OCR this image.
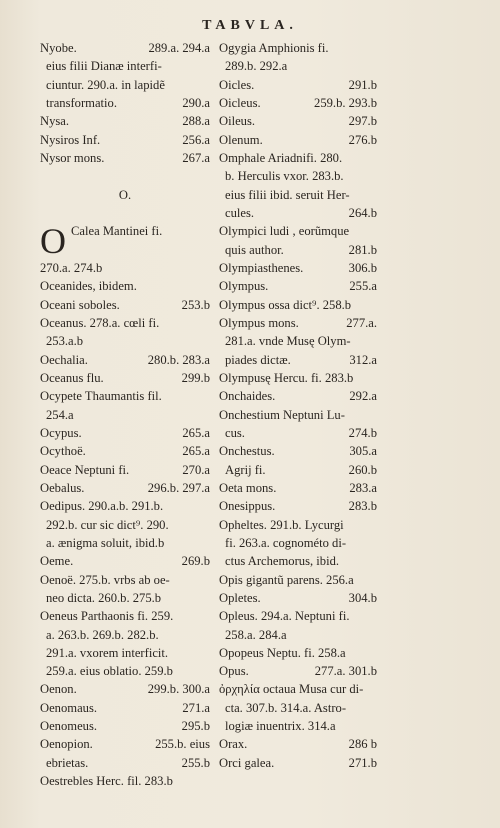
TABVLA.
Nyobe.	289.a. 294.a
eius filii Dianæ interfi-
ciuntur. 290.a. in lapidẽ
transformatio.	290.a
Nysa.	288.a
Nysiros Inf.	256.a
Nysor mons.	267.a
O.
O Calea Mantinei fi.
270.a. 274.b
Oceanides, ibidem.
Oceani soboles.	253.b
Oceanus. 278.a. cœli fi.
253.a.b
Oechalia.	280.b. 283.a
Oceanus flu.	299.b
Ocypete Thaumantis fil.
254.a
Ocypus.	265.a
Ocythoë.	265.a
Oeace Neptuni fi.	270.a
Oebalus.	296.b. 297.a
Oedipus. 290.a.b. 291.b.
292.b. cur sic dict⁹. 290.
a. ænigma soluit, ibid.b
Oeme.	269.b
Oenoë. 275.b. vrbs ab oe-
neo dicta. 260.b. 275.b
Oeneus Parthaonis fi. 259.
a. 263.b. 269.b. 282.b.
291.a. vxorem interficit.
259.a. eius oblatio. 259.b
Oenon.	299.b. 300.a
Oenomaus.	271.a
Oenomeus.	295.b
Oenopion.	255.b. eius
ebrietas.	255.b
Oestrebles Herc. fil. 283.b
Ogygia Amphionis fi.
289.b. 292.a
Oicles.	291.b
Oicleus.	259.b. 293.b
Oileus.	297.b
Olenum.	276.b
Omphale Ariadnifi. 280.
b. Herculis vxor. 283.b.
eius filii ibid. seruit Her-
cules.	264.b
Olympici ludi , eorũmque
quis author.	281.b
Olympiasthenes.	306.b
Olympus.	255.a
Olympus ossa dict⁹. 258.b
Olympus mons.	277.a.
281.a. vnde Musę Olym-
piades dictæ.	312.a
Olympusę Hercu. fi. 283.b
Onchaides.	292.a
Onchestium Neptuni Lu-
cus.	274.b
Onchestus.	305.a
Agrij fi.	260.b
Oeta mons.	283.a
Onesippus.	283.b
Opheltes. 291.b. Lycurgi
fi. 263.a. cognométo di-
ctus Archemorus, ibid.
Opis gigantũ parens. 256.a
Opletes.	304.b
Opleus. 294.a. Neptuni fi.
258.a. 284.a
Opopeus Neptu. fi. 258.a
Opus.	277.a. 301.b
ὀρχηλία octaua Musa cur di-
cta. 307.b. 314.a. Astro-
logiæ inuentrix. 314.a
Orax.	286 b
Orci galea.	271.b
